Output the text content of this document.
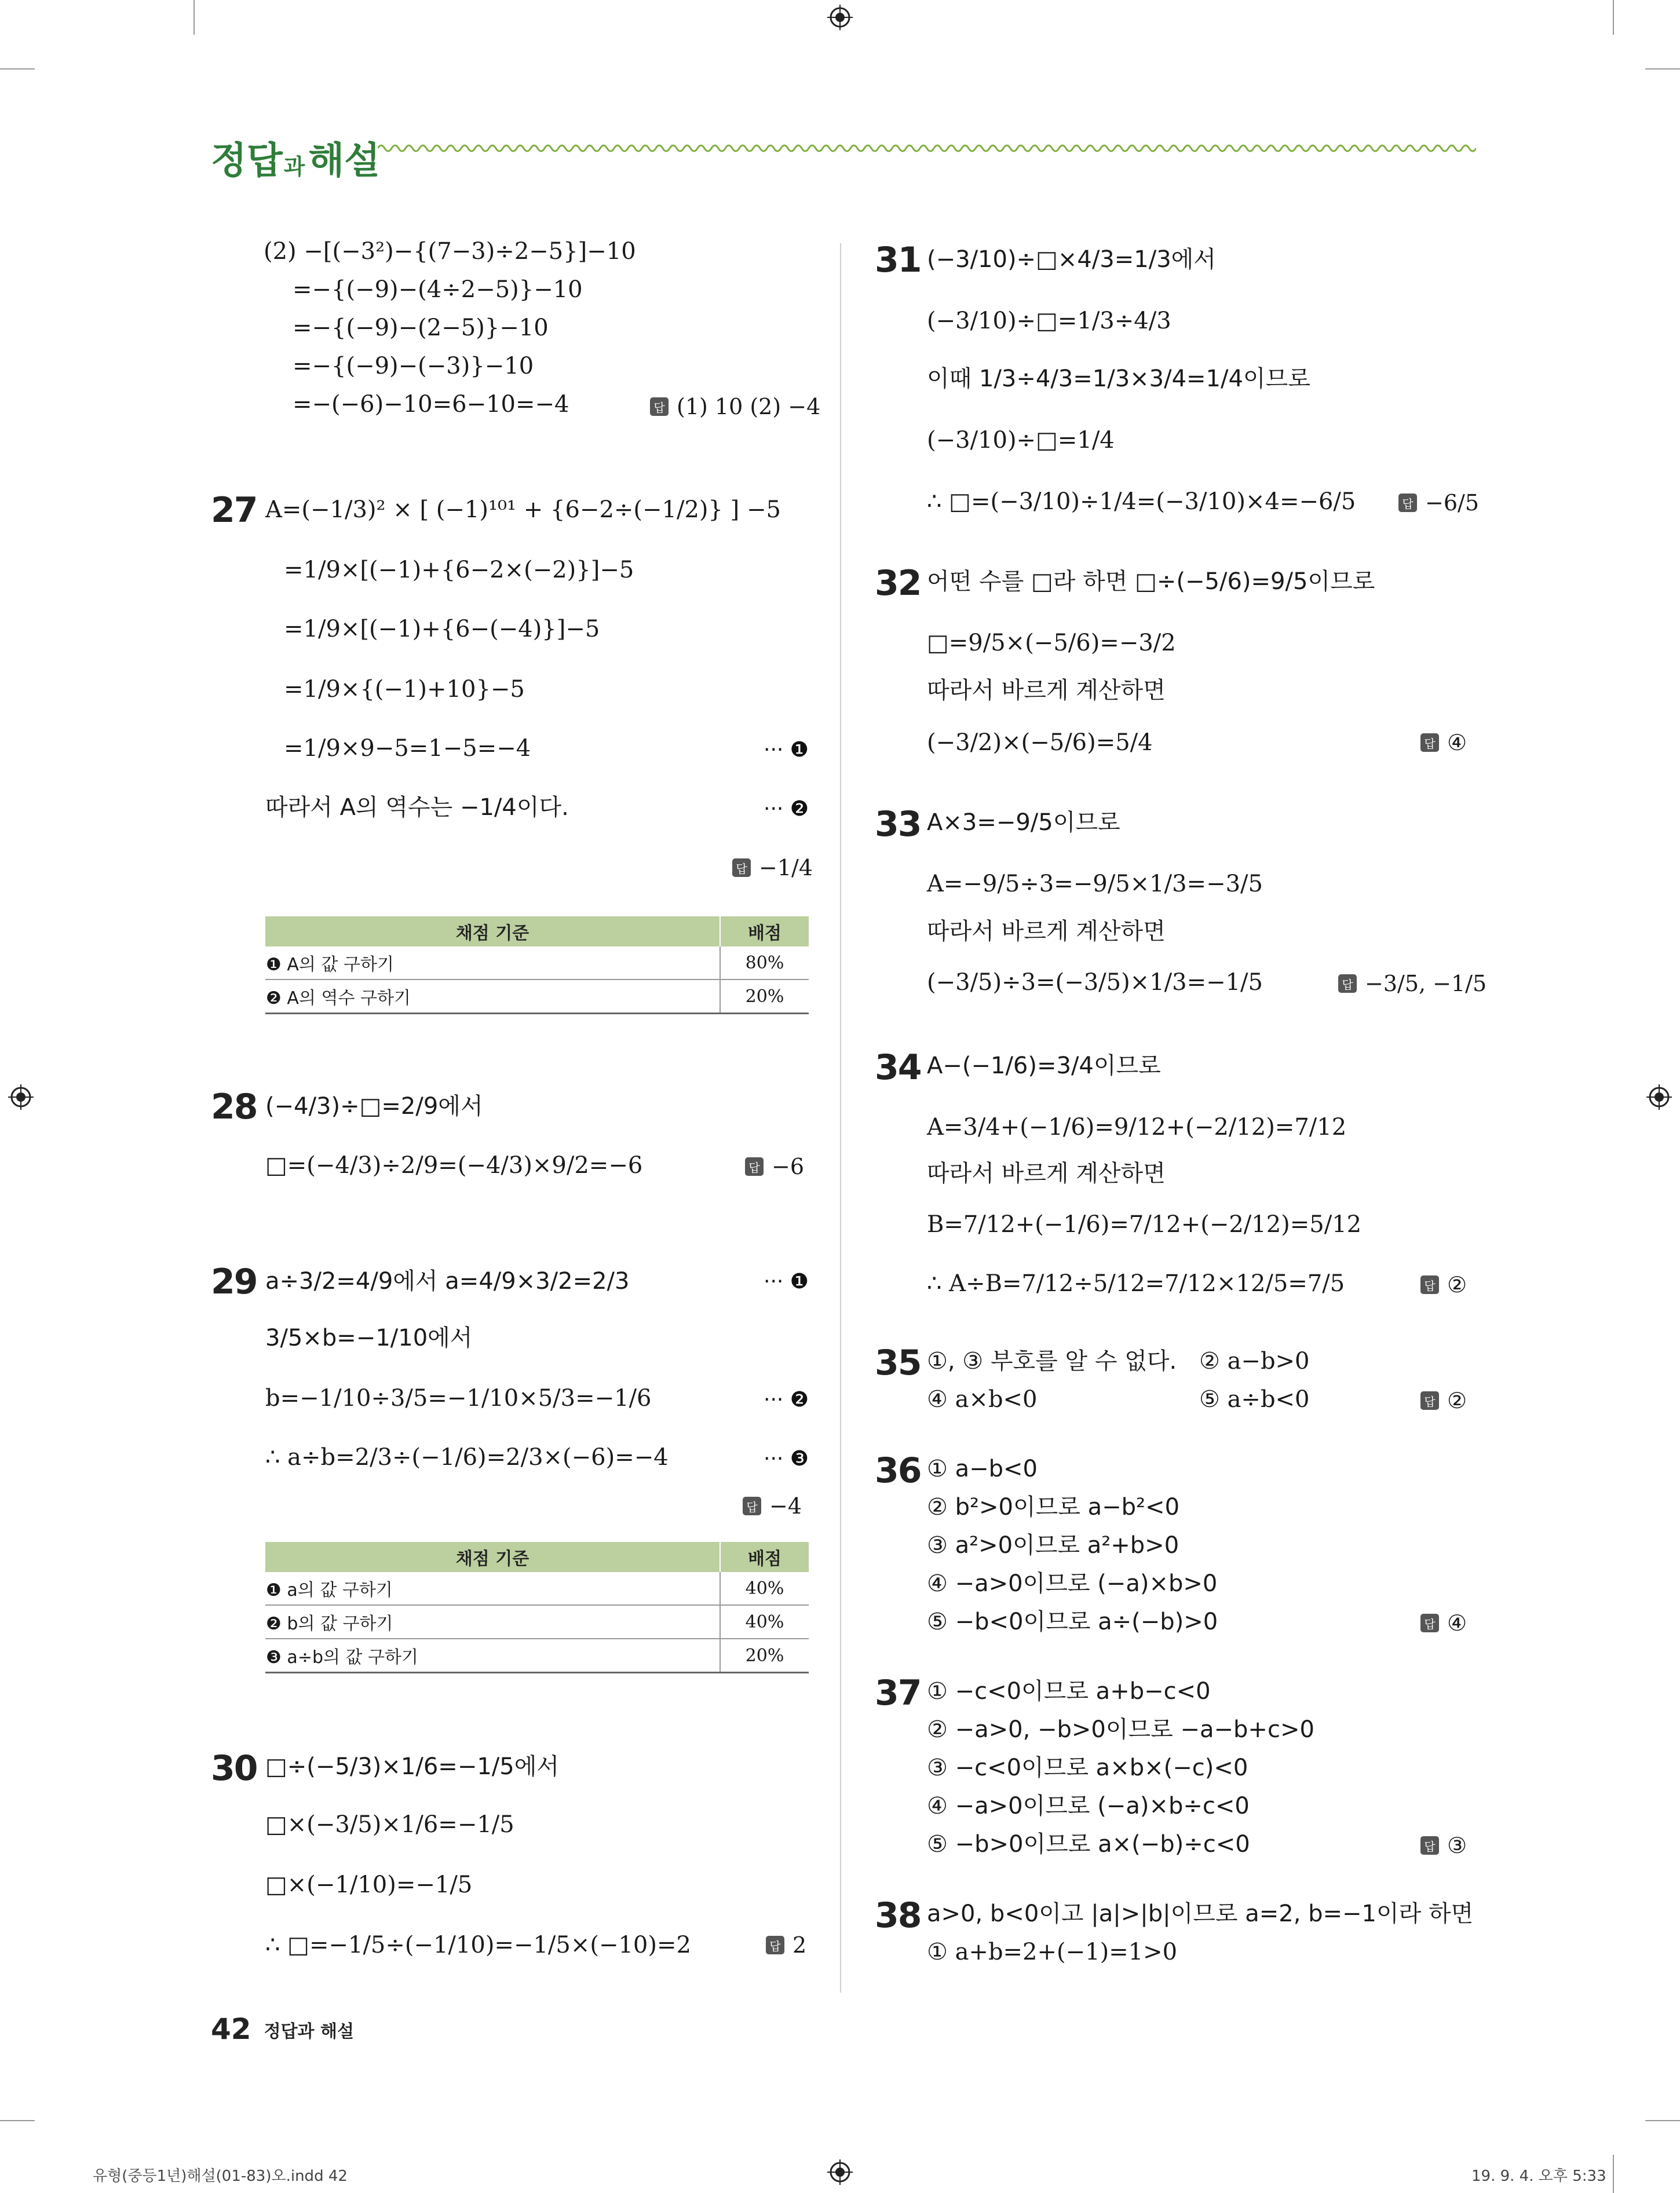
정답 과 해설
(2) −[(−3²)−{(7−3)÷2−5}]−10
=−{(−9)−(4÷2−5)}−10
=−{(−9)−(2−5)}−10
=−{(−9)−(−3)}−10
=−(−6)−10=6−10=−4	답 (1) 10 (2) −4
27 A=(−1/3)² × [ (−1)¹⁰¹ + {6−2÷(−1/2)} ] −5
=1/9×[(−1)+{6−2×(−2)}]−5
=1/9×[(−1)+{6−(−4)}]−5
=1/9×{(−1)+10}−5
=1/9×9−5=1−5=−4	··· ❶
따라서 A의 역수는 −1/4이다.	··· ❷
답 −1/4
채점 기준	배점
❶ A의 값 구하기	80%
❷ A의 역수 구하기	20%
28 (−4/3)÷□=2/9에서
□=(−4/3)÷2/9=(−4/3)×9/2=−6	답 −6
29 a÷3/2=4/9에서 a=4/9×3/2=2/3	··· ❶
3/5×b=−1/10에서
b=−1/10÷3/5=−1/10×5/3=−1/6	··· ❷
∴ a÷b=2/3÷(−1/6)=2/3×(−6)=−4	··· ❸
답 −4
채점 기준	배점
❶ a의 값 구하기	40%
❷ b의 값 구하기	40%
❸ a÷b의 값 구하기	20%
30 □÷(−5/3)×1/6=−1/5에서
□×(−3/5)×1/6=−1/5
□×(−1/10)=−1/5
∴ □=−1/5÷(−1/10)=−1/5×(−10)=2	답 2
31 (−3/10)÷□×4/3=1/3에서
(−3/10)÷□=1/3÷4/3
이때 1/3÷4/3=1/3×3/4=1/4이므로
(−3/10)÷□=1/4
∴ □=(−3/10)÷1/4=(−3/10)×4=−6/5	답 −6/5
32 어떤 수를 □라 하면 □÷(−5/6)=9/5이므로
□=9/5×(−5/6)=−3/2
따라서 바르게 계산하면
(−3/2)×(−5/6)=5/4	답 ④
33 A×3=−9/5이므로
A=−9/5÷3=−9/5×1/3=−3/5
따라서 바르게 계산하면
(−3/5)÷3=(−3/5)×1/3=−1/5	답 −3/5, −1/5
34 A−(−1/6)=3/4이므로
A=3/4+(−1/6)=9/12+(−2/12)=7/12
따라서 바르게 계산하면
B=7/12+(−1/6)=7/12+(−2/12)=5/12
∴ A÷B=7/12÷5/12=7/12×12/5=7/5	답 ②
35 ①, ③ 부호를 알 수 없다. ② a−b>0
④ a×b<0	⑤ a÷b<0	답 ②
36 ① a−b<0
② b²>0이므로 a−b²<0
③ a²>0이므로 a²+b>0
④ −a>0이므로 (−a)×b>0
⑤ −b<0이므로 a÷(−b)>0	답 ④
37 ① −c<0이므로 a+b−c<0
② −a>0, −b>0이므로 −a−b+c>0
③ −c<0이므로 a×b×(−c)<0
④ −a>0이므로 (−a)×b÷c<0
⑤ −b>0이므로 a×(−b)÷c<0	답 ③
38 a>0, b<0이고 |a|>|b|이므로 a=2, b=−1이라 하면
① a+b=2+(−1)=1>0
42 정답과 해설
유형(중등1년)해설(01-83)오.indd 42	19. 9. 4. 오후 5:33
